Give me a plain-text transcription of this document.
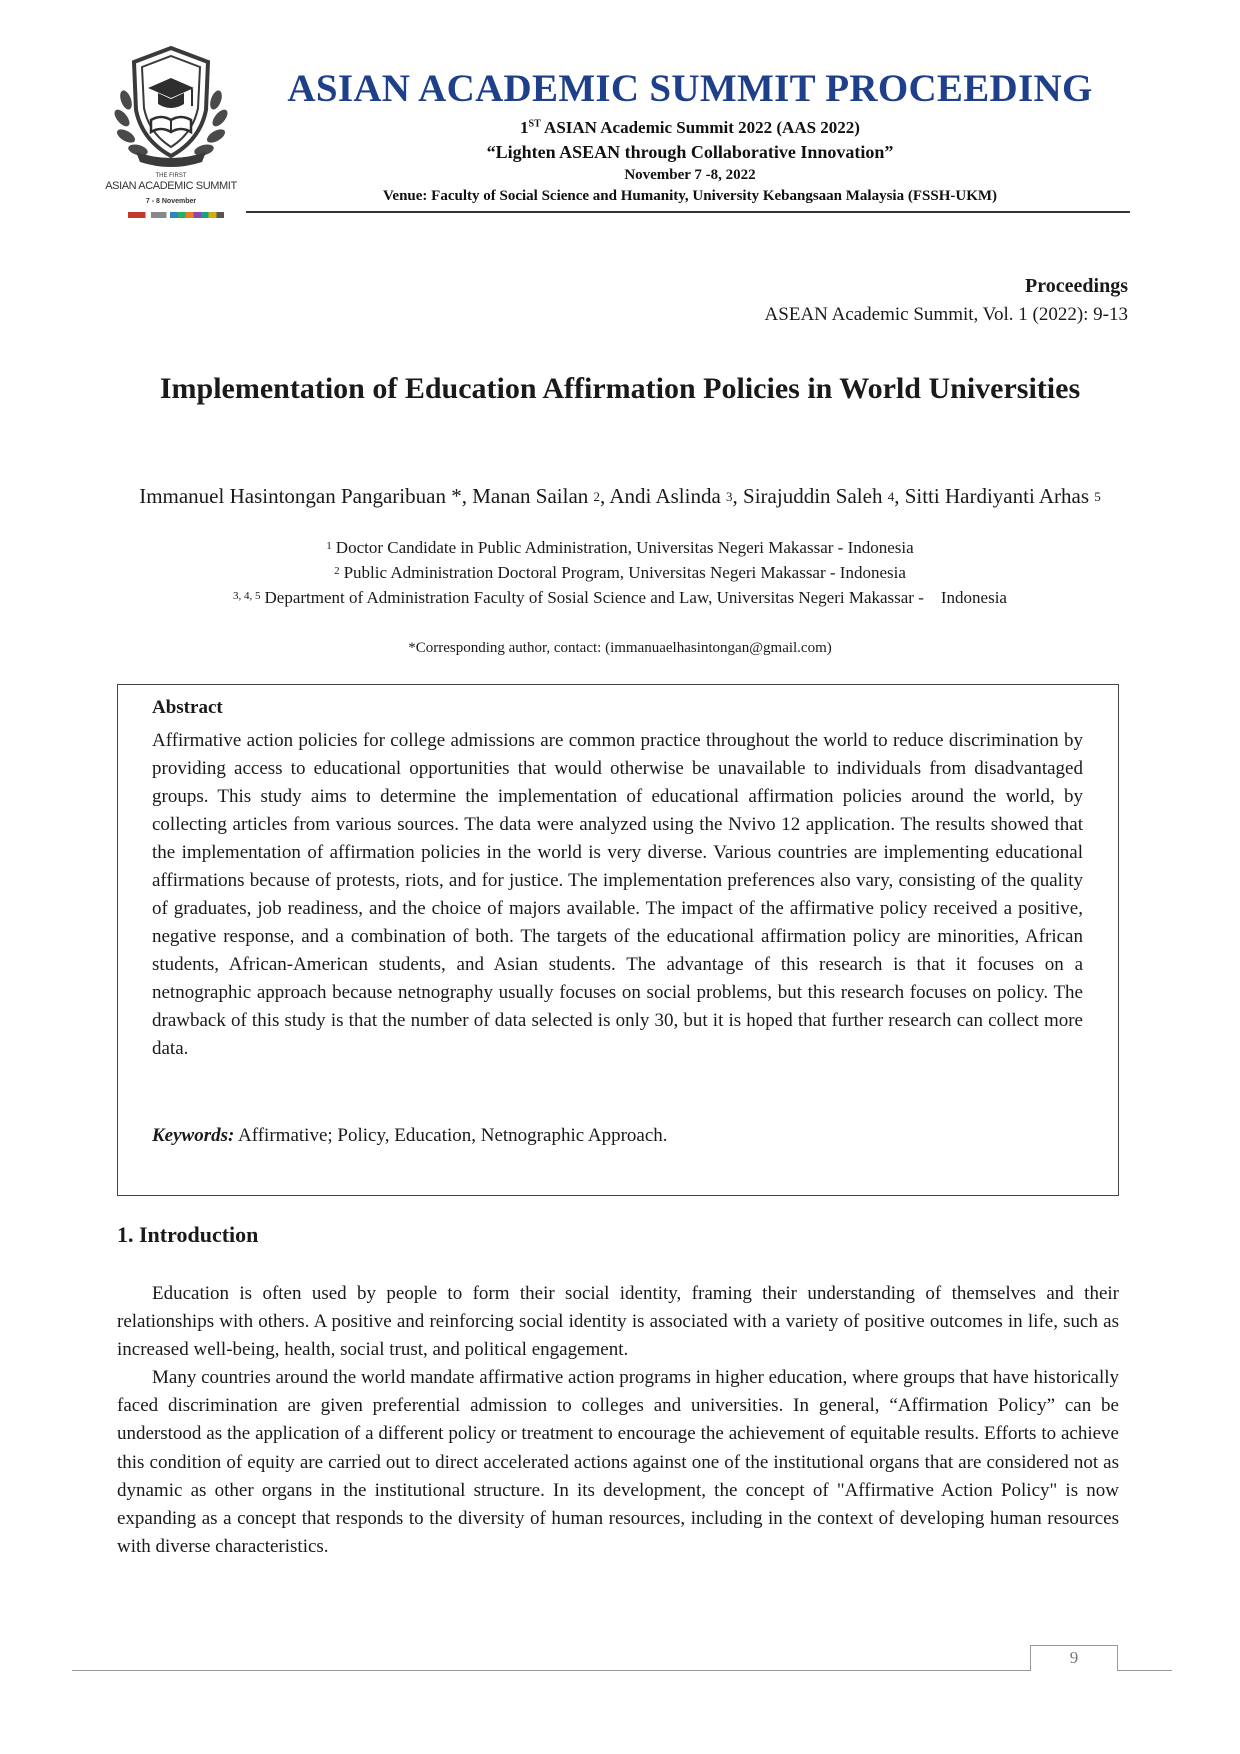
THE FIRST
ASIAN ACADEMIC SUMMIT
7 - 8 November
ASIAN ACADEMIC SUMMIT PROCEEDING
1ST ASIAN Academic Summit 2022 (AAS 2022)
“Lighten ASEAN through Collaborative Innovation”
November 7 -8, 2022
Venue: Faculty of Social Science and Humanity, University Kebangsaan Malaysia (FSSH-UKM)
Proceedings
ASEAN Academic Summit, Vol. 1 (2022): 9-13
Implementation of Education Affirmation Policies in World Universities
Immanuel Hasintongan Pangaribuan *, Manan Sailan 2, Andi Aslinda 3, Sirajuddin Saleh 4, Sitti Hardiyanti Arhas 5
$^1$ Doctor Candidate in Public Administration, Universitas Negeri Makassar - Indonesia
$^2$ Public Administration Doctoral Program, Universitas Negeri Makassar - Indonesia
$^{3, 4, 5}$ Department of Administration Faculty of Sosial Science and Law, Universitas Negeri Makassar -    Indonesia
*Corresponding author, contact: (immanuaelhasintongan@gmail.com)
Abstract
Affirmative action policies for college admissions are common practice throughout the world to reduce discrimination by providing access to educational opportunities that would otherwise be unavailable to individuals from disadvantaged groups. This study aims to determine the implementation of educational affirmation policies around the world, by collecting articles from various sources. The data were analyzed using the Nvivo 12 application. The results showed that the implementation of affirmation policies in the world is very diverse. Various countries are implementing educational affirmations because of protests, riots, and for justice. The implementation preferences also vary, consisting of the quality of graduates, job readiness, and the choice of majors available. The impact of the affirmative policy received a positive, negative response, and a combination of both. The targets of the educational affirmation policy are minorities, African students, African-American students, and Asian students. The advantage of this research is that it focuses on a netnographic approach because netnography usually focuses on social problems, but this research focuses on policy. The drawback of this study is that the number of data selected is only 30, but it is hoped that further research can collect more data.
Keywords: Affirmative; Policy, Education, Netnographic Approach.
1. Introduction
Education is often used by people to form their social identity, framing their understanding of themselves and their relationships with others. A positive and reinforcing social identity is associated with a variety of positive outcomes in life, such as increased well-being, health, social trust, and political engagement.
Many countries around the world mandate affirmative action programs in higher education, where groups that have historically faced discrimination are given preferential admission to colleges and universities. In general, “Affirmation Policy” can be understood as the application of a different policy or treatment to encourage the achievement of equitable results. Efforts to achieve this condition of equity are carried out to direct accelerated actions against one of the institutional organs that are considered not as dynamic as other organs in the institutional structure. In its development, the concept of "Affirmative Action Policy" is now expanding as a concept that responds to the diversity of human resources, including in the context of developing human resources with diverse characteristics.
9
